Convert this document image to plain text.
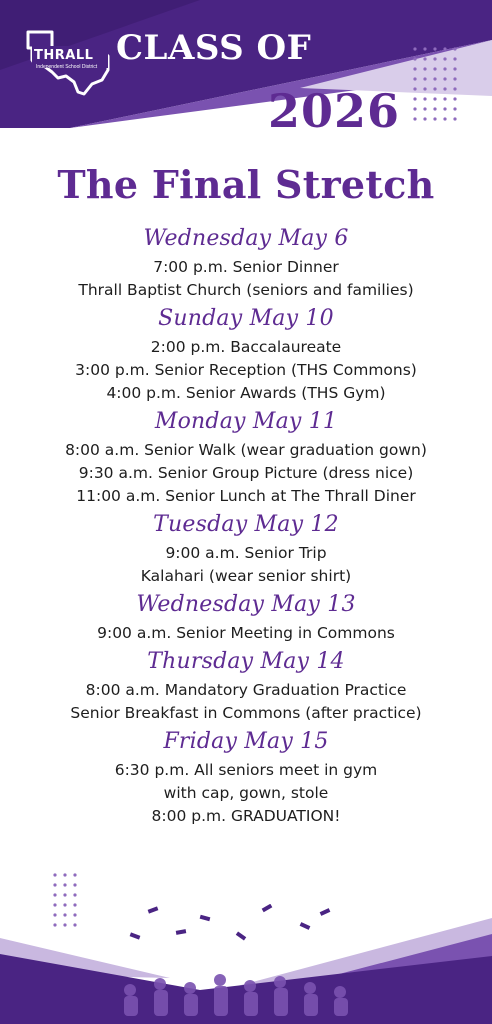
THRALL
Independent School District CLASS OF
2026
The Final Stretch
Wednesday May 6
7:00 p.m. Senior Dinner
Thrall Baptist Church (seniors and families)
Sunday May 10
2:00 p.m. Baccalaureate
3:00 p.m. Senior Reception (THS Commons)
4:00 p.m. Senior Awards (THS Gym)
Monday May 11
8:00 a.m. Senior Walk (wear graduation gown)
9:30 a.m. Senior Group Picture (dress nice)
11:00 a.m. Senior Lunch at The Thrall Diner
Tuesday May 12
9:00 a.m. Senior Trip
Kalahari (wear senior shirt)
Wednesday May 13
9:00 a.m. Senior Meeting in Commons
Thursday May 14
8:00 a.m. Mandatory Graduation Practice
Senior Breakfast in Commons (after practice)
Friday May 15
6:30 p.m. All seniors meet in gym
with cap, gown, stole
8:00 p.m. GRADUATION!
